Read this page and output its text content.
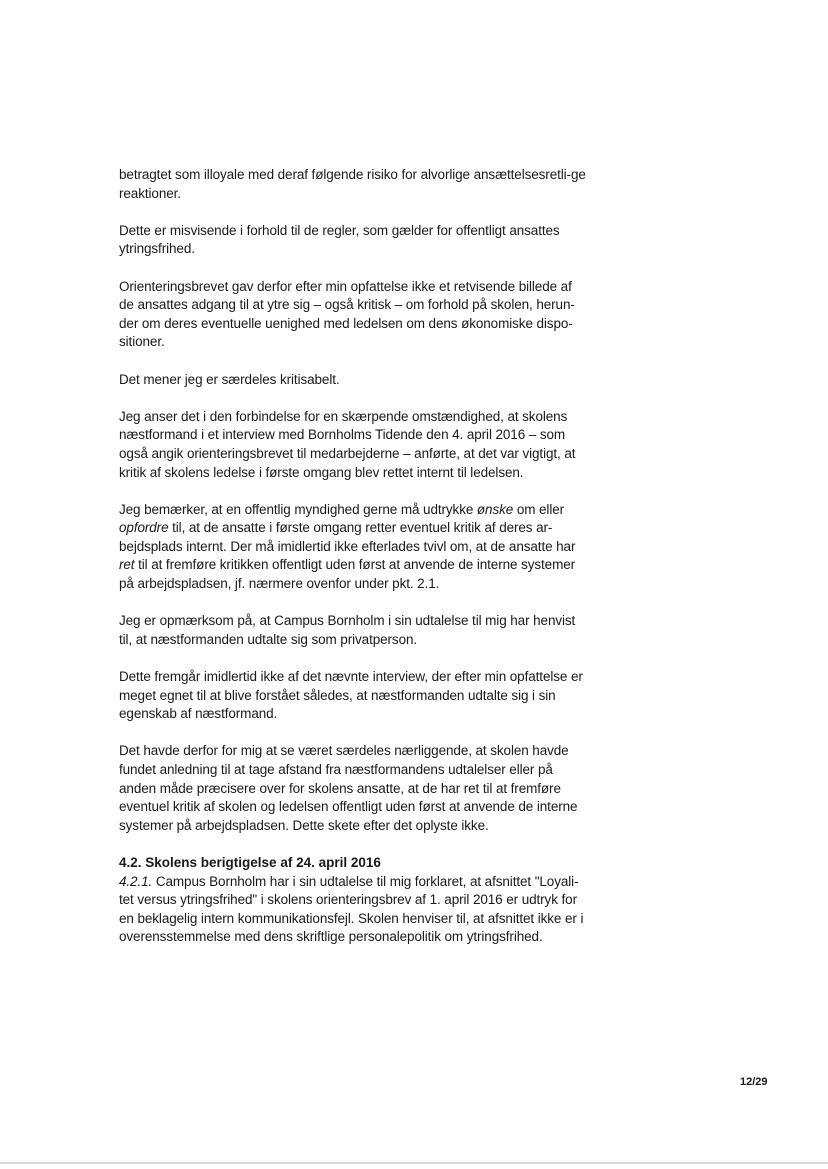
betragtet som illoyale med deraf følgende risiko for alvorlige ansættelsesretli-ge reaktioner.

Dette er misvisende i forhold til de regler, som gælder for offentligt ansattes ytringsfrihed.

Orienteringsbrevet gav derfor efter min opfattelse ikke et retvisende billede af de ansattes adgang til at ytre sig – også kritisk – om forhold på skolen, herun-der om deres eventuelle uenighed med ledelsen om dens økonomiske dispo-sitioner.

Det mener jeg er særdeles kritisabelt.

Jeg anser det i den forbindelse for en skærpende omstændighed, at skolens næstformand i et interview med Bornholms Tidende den 4. april 2016 – som også angik orienteringsbrevet til medarbejderne – anførte, at det var vigtigt, at kritik af skolens ledelse i første omgang blev rettet internt til ledelsen.

Jeg bemærker, at en offentlig myndighed gerne må udtrykke ønske om eller opfordre til, at de ansatte i første omgang retter eventuel kritik af deres ar-bejdsplads internt. Der må imidlertid ikke efterlades tvivl om, at de ansatte har ret til at fremføre kritikken offentligt uden først at anvende de interne systemer på arbejdspladsen, jf. nærmere ovenfor under pkt. 2.1.

Jeg er opmærksom på, at Campus Bornholm i sin udtalelse til mig har henvist til, at næstformanden udtalte sig som privatperson.

Dette fremgår imidlertid ikke af det nævnte interview, der efter min opfattelse er meget egnet til at blive forstået således, at næstformanden udtalte sig i sin egenskab af næstformand.

Det havde derfor for mig at se været særdeles nærliggende, at skolen havde fundet anledning til at tage afstand fra næstformandens udtalelser eller på anden måde præcisere over for skolens ansatte, at de har ret til at fremføre eventuel kritik af skolen og ledelsen offentligt uden først at anvende de interne systemer på arbejdspladsen. Dette skete efter det oplyste ikke.

4.2. Skolens berigtigelse af 24. april 2016

4.2.1. Campus Bornholm har i sin udtalelse til mig forklaret, at afsnittet "Loyali-tet versus ytringsfrihed" i skolens orienteringsbrev af 1. april 2016 er udtryk for en beklagelig intern kommunikationsfejl. Skolen henviser til, at afsnittet ikke er i overensstemmelse med dens skriftlige personalepolitik om ytringsfrihed.

12/29
